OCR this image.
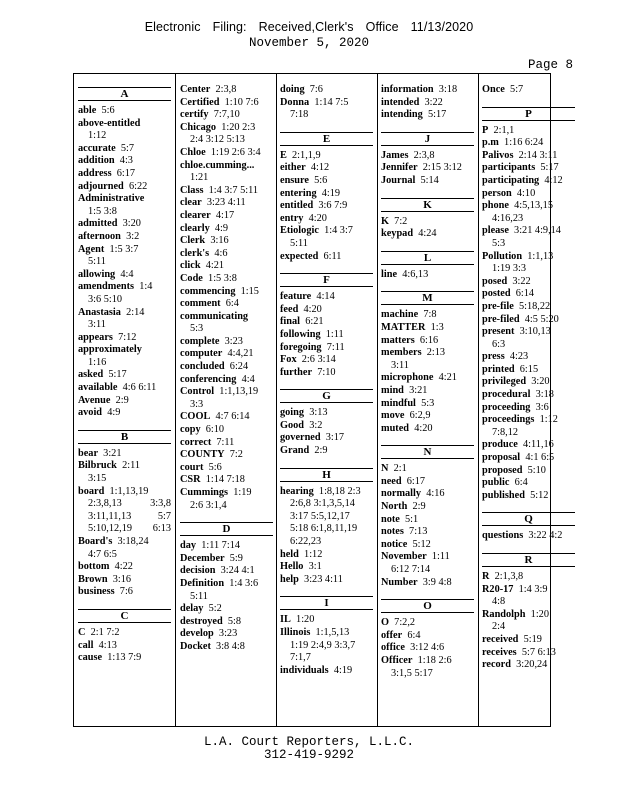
Electronic Filing: Received,Clerk's Office 11/13/2020
November 5, 2020
Page 8
A
able 5:6
above-entitled
1:12
accurate 5:7
addition 4:3
address 6:17
adjourned 6:22
Administrative
1:5 3:8
admitted 3:20
afternoon 3:2
Agent 1:5 3:7
5:11
allowing 4:4
amendments 1:4
3:6 5:10
Anastasia 2:14
3:11
appears 7:12
approximately
1:16
asked 5:17
available 4:6 6:11
Avenue 2:9
avoid 4:9
B
bear 3:21
Bilbruck 2:11
3:15
board 1:1,13,19
2:3,8,13	3:3,8
3:11,11,13	5:7
5:10,12,19 6:13
Board's 3:18,24
4:7 6:5
bottom 4:22
Brown 3:16
business 7:6
C
C 2:1 7:2
call 4:13
cause 1:13 7:9
Center 2:3,8
Certified 1:10 7:6
certify 7:7,10
Chicago 1:20 2:3
2:4 3:12 5:13
Chloe 1:19 2:6 3:4
chloe.cumming...
1:21
Class 1:4 3:7 5:11
clear 3:23 4:11
clearer 4:17
clearly 4:9
Clerk 3:16
clerk's 4:6
click 4:21
Code 1:5 3:8
commencing 1:15
comment 6:4
communicating
5:3
complete 3:23
computer 4:4,21
concluded 6:24
conferencing 4:4
Control 1:1,13,19
3:3
COOL 4:7 6:14
copy 6:10
correct 7:11
COUNTY 7:2
court 5:6
CSR 1:14 7:18
Cummings 1:19
2:6 3:1,4
D
day 1:11 7:14
December 5:9
decision 3:24 4:1
Definition 1:4 3:6
5:11
delay 5:2
destroyed 5:8
develop 3:23
Docket 3:8 4:8
doing 7:6
Donna 1:14 7:5
7:18
E
E 2:1,1,9
either 4:12
ensure 5:6
entering 4:19
entitled 3:6 7:9
entry 4:20
Etiologic 1:4 3:7
5:11
expected 6:11
F
feature 4:14
feed 4:20
final 6:21
following 1:11
foregoing 7:11
Fox 2:6 3:14
further 7:10
G
going 3:13
Good 3:2
governed 3:17
Grand 2:9
H
hearing 1:8,18 2:3
2:6,8 3:1,3,5,14
3:17 5:5,12,17
5:18 6:1,8,11,19
6:22,23
held 1:12
Hello 3:1
help 3:23 4:11
I
IL 1:20
Illinois 1:1,5,13
1:19 2:4,9 3:3,7
7:1,7
individuals 4:19
information 3:18
intended 3:22
intending 5:17
J
James 2:3,8
Jennifer 2:15 3:12
Journal 5:14
K
K 7:2
keypad 4:24
L
line 4:6,13
M
machine 7:8
MATTER 1:3
matters 6:16
members 2:13
3:11
microphone 4:21
mind 3:21
mindful 5:3
move 6:2,9
muted 4:20
N
N 2:1
need 6:17
normally 4:16
North 2:9
note 5:1
notes 7:13
notice 5:12
November 1:11
6:12 7:14
Number 3:9 4:8
O
O 7:2,2
offer 6:4
office 3:12 4:6
Officer 1:18 2:6
3:1,5 5:17
Once 5:7
P
P 2:1,1
p.m 1:16 6:24
Palivos 2:14 3:11
participants 5:17
participating 4:12
person 4:10
phone 4:5,13,15
4:16,23
please 3:21 4:9,14
5:3
Pollution 1:1,13
1:19 3:3
posed 3:22
posted 6:14
pre-file 5:18,22
pre-filed 4:5 5:20
present 3:10,13
6:3
press 4:23
printed 6:15
privileged 3:20
procedural 3:18
proceeding 3:6
proceedings 1:12
7:8,12
produce 4:11,16
proposal 4:1 6:5
proposed 5:10
public 6:4
published 5:12
Q
questions 3:22 4:2
R
R 2:1,3,8
R20-17 1:4 3:9
4:8
Randolph 1:20
2:4
received 5:19
receives 5:7 6:13
record 3:20,24
L.A. Court Reporters, L.L.C.
312-419-9292
